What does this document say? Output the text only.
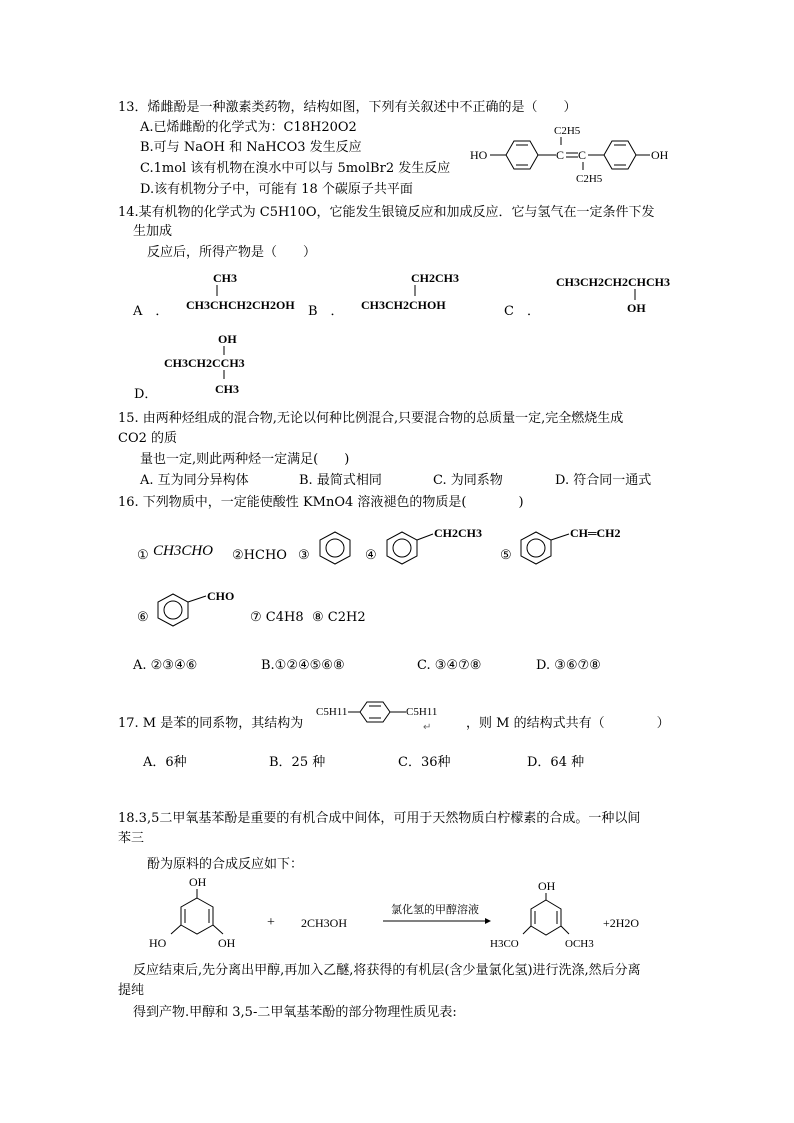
13．烯雌酚是一种激素类药物，结构如图，下列有关叙述中不正确的是（　　）
A.已烯雌酚的化学式为：C18H20O2
B.可与 NaOH 和 NaHCO3 发生反应
C.1mol 该有机物在溴水中可以与 5molBr2 发生反应
D.该有机物分子中，可能有 18 个碳原子共平面
HO	C C
C2H5
C2H5
OH
14.某有机物的化学式为 C5H10O，它能发生银镜反应和加成反应．它与氢气在一定条件下发
生加成
反应后，所得产物是（　　）
A　．
CH3
CH3CHCH2CH2OH B　．
CH2CH3
CH3CH2CHOH	C　．
CH3CH2CH2CHCH3
OH
OH
CH3CH2CCH3
CH3
D．
15. 由两种烃组成的混合物,无论以何种比例混合,只要混合物的总质量一定,完全燃烧生成
CO2 的质
量也一定,则此两种烃一定满足(　　)
A. 互为同分异构体	B. 最简式相同	C. 为同系物	D. 符合同一通式
16. 下列物质中，一定能使酸性 KMnO4 溶液褪色的物质是(　　　　)
① CH3CHO ②HCHO ③	④
CH2CH3
⑤
CH═CH2
⑥
CHO
⑦ C4H8 ⑧ C2H2
A. ②③④⑥	B.①②④⑤⑥⑧	C. ③④⑦⑧	D. ③⑥⑦⑧
17. M 是苯的同系物，其结构为
C5H11	C5H11
↵	，则 M 的结构式共有（　　　　）
A．6种	B．25 种	C．36种	D．64 种
18.3,5二甲氧基苯酚是重要的有机合成中间体，可用于天然物质白柠檬素的合成。一种以间
苯三
酚为原料的合成反应如下：
OH
HO	OH
+ 2CH3OH
氯化氢的甲醇溶液
OH
H3CO	OCH3
+2H2O
反应结束后,先分离出甲醇,再加入乙醚,将获得的有机层(含少量氯化氢)进行洗涤,然后分离
提纯
得到产物.甲醇和 3,5-二甲氧基苯酚的部分物理性质见表:
